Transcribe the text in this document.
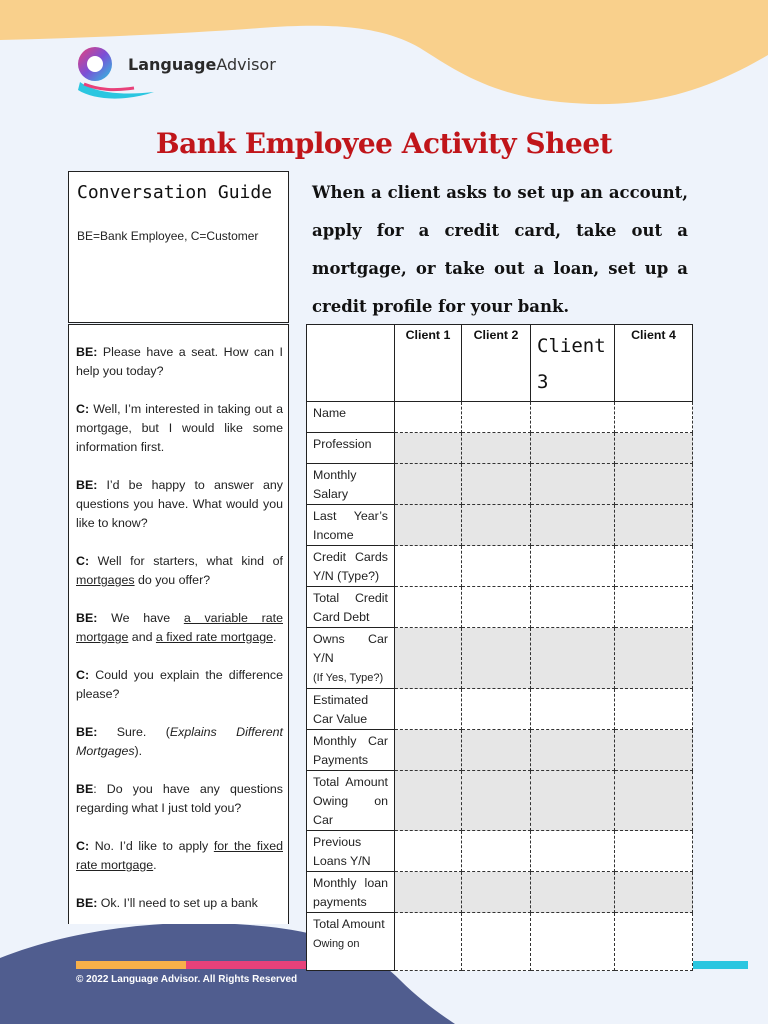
LanguageAdvisor
Bank Employee Activity Sheet
Conversation Guide
BE=Bank Employee, C=Customer
BE: Please have a seat. How can I help you today?
C: Well, I’m interested in taking out a mortgage, but I would like some information first.
BE: I’d be happy to answer any questions you have. What would you like to know?
C: Well for starters, what kind of mortgages do you offer?
BE: We have a variable rate mortgage and a fixed rate mortgage.
C: Could you explain the difference please?
BE: Sure. (Explains Different Mortgages).
BE: Do you have any questions regarding what I just told you?
C: No. I’d like to apply for the fixed rate mortgage.
BE: Ok. I’ll need to set up a bank
When a client asks to set up an account, apply for a credit card, take out a mortgage, or take out a loan, set up a credit profile for your bank.
	Client 1	Client 2	Client 3	Client 4
Name				
Profession				
Monthly Salary				
Last Year’s Income				
Credit Cards Y/N (Type?)				
Total Credit Card Debt				
Owns Car Y/N
(If Yes, Type?)				
Estimated Car Value				
Monthly Car Payments				
Total Amount Owing on Car				
Previous Loans Y/N				
Monthly loan payments				
Total Amount
Owing on				
© 2022 Language Advisor. All Rights Reserved
